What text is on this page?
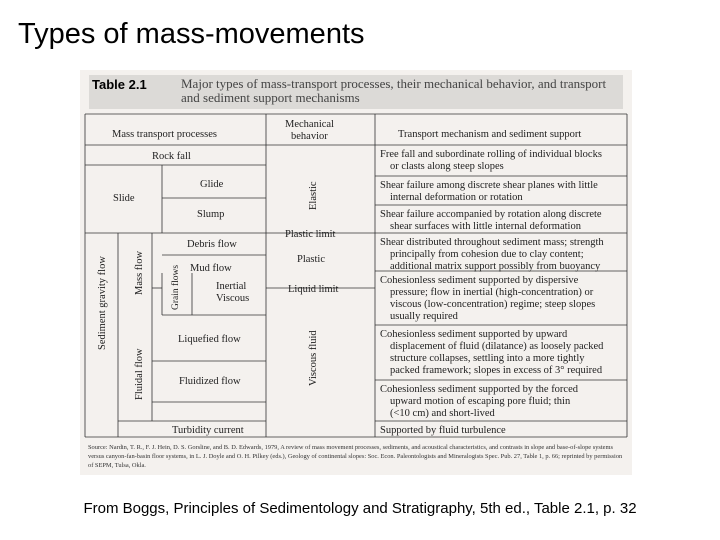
Types of mass-movements
Table 2.1	Major types of mass-transport processes, their mechanical behavior, and transport and sediment support mechanisms
Mass transport processes
Mechanical
behavior	Transport mechanism and sediment support
Rock fall
Slide
Glide
Slump
Debris flow
Mud flow
Inertial
Viscous
Liquefied flow
Fluidized flow
Turbidity current
Sediment gravity flow Mass flow
Fluidal flow
Grain flows
Elastic
Plastic limit
Plastic
Liquid limit
Viscous fluid
Free fall and subordinate rolling of individual blocks
or clasts along steep slopes
Shear failure among discrete shear planes with little
internal deformation or rotation
Shear failure accompanied by rotation along discrete
shear surfaces with little internal deformation
Shear distributed throughout sediment mass; strength
principally from cohesion due to clay content;
additional matrix support possibly from buoyancy
Cohesionless sediment supported by dispersive
pressure; flow in inertial (high-concentration) or
viscous (low-concentration) regime; steep slopes
usually required
Cohesionless sediment supported by upward
displacement of fluid (dilatance) as loosely packed
structure collapses, settling into a more tightly
packed framework; slopes in excess of 3° required
Cohesionless sediment supported by the forced
upward motion of escaping pore fluid; thin
(<10 cm) and short-lived
Supported by fluid turbulence
Source: Nardin, T. R., F. J. Hein, D. S. Gorsline, and B. D. Edwards, 1979, A review of mass movement processes, sediments, and acoustical characteristics, and contrasts in slope and base-of-slope systems versus canyon-fan-basin floor systems, in L. J. Doyle and O. H. Pilkey (eds.), Geology of continental slopes: Soc. Econ. Paleontologists and Mineralogists Spec. Pub. 27, Table 1, p. 66; reprinted by permission of SEPM, Tulsa, Okla.
From Boggs, Principles of Sedimentology and Stratigraphy, 5th ed., Table 2.1, p. 32
